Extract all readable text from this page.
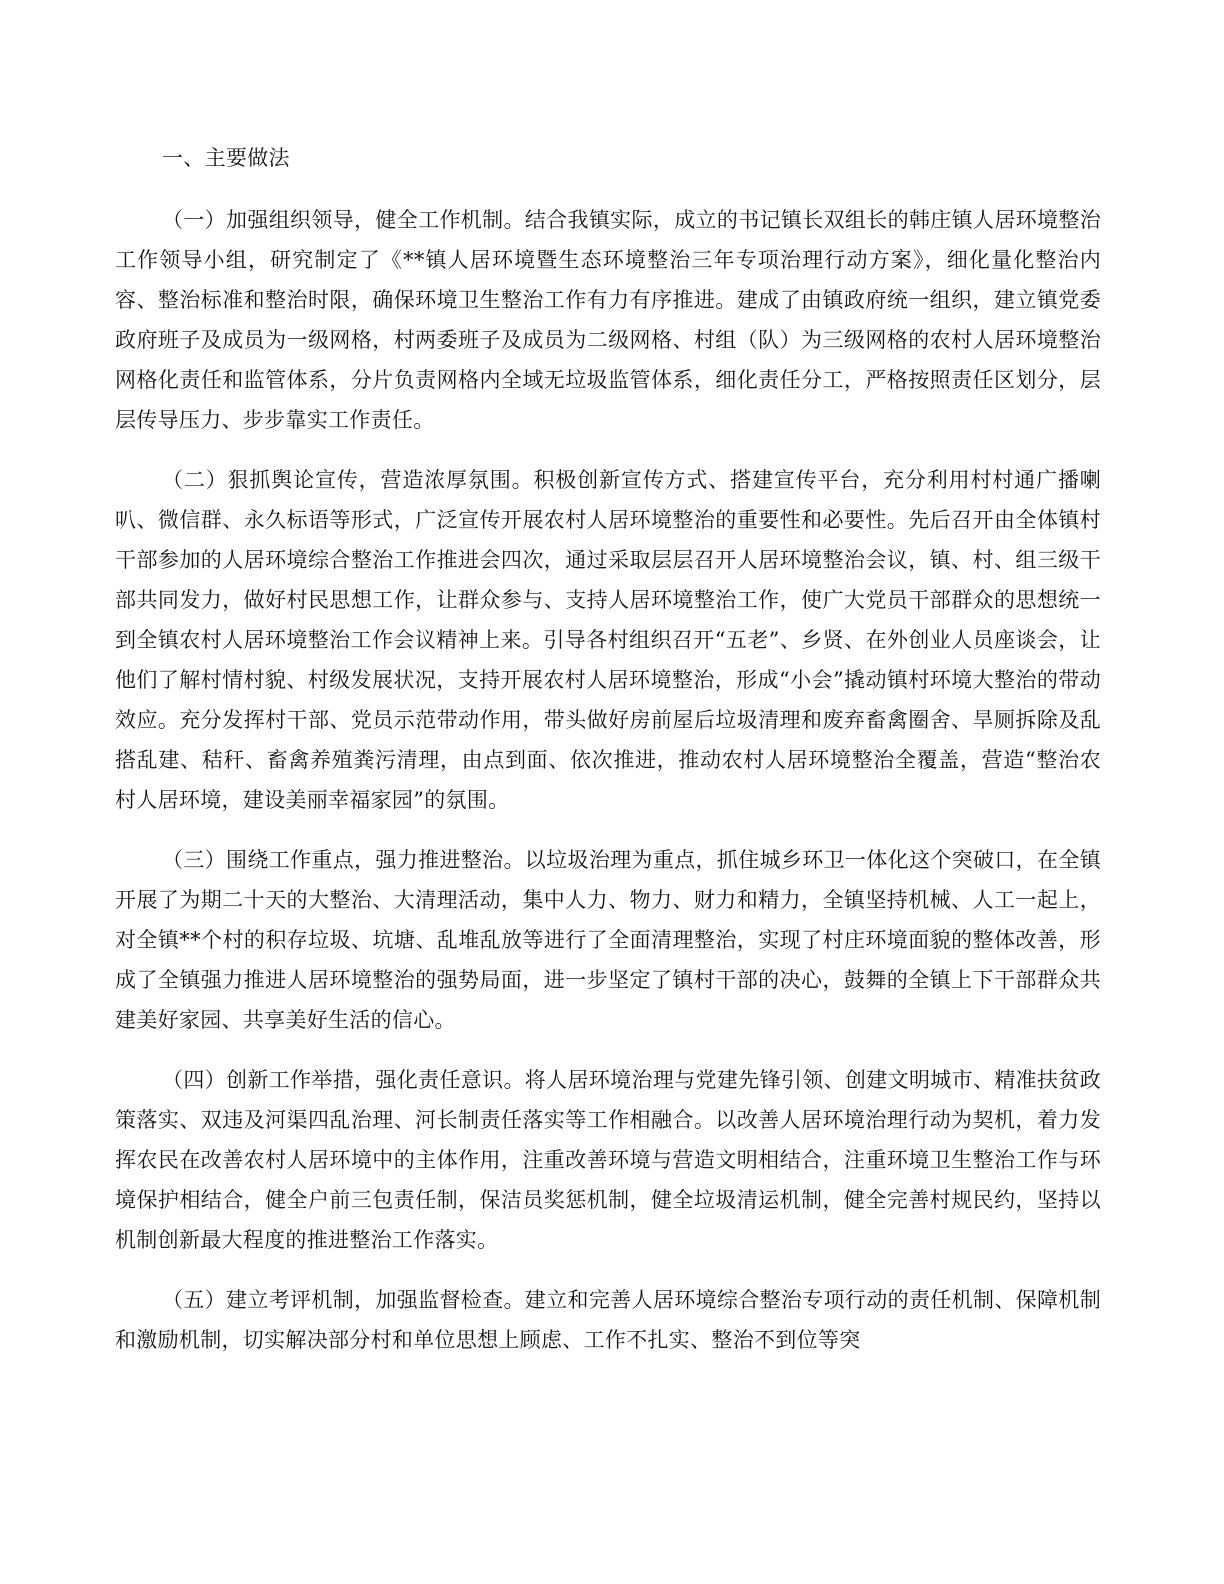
一、主要做法

（一）加强组织领导，健全工作机制。结合我镇实际，成立的书记镇长双组长的韩庄镇人居环境整治工作领导小组，研究制定了《**镇人居环境暨生态环境整治三年专项治理行动方案》，细化量化整治内容、整治标准和整治时限，确保环境卫生整治工作有力有序推进。建成了由镇政府统一组织，建立镇党委政府班子及成员为一级网格，村两委班子及成员为二级网格、村组（队）为三级网格的农村人居环境整治网格化责任和监管体系，分片负责网格内全域无垃圾监管体系，细化责任分工，严格按照责任区划分，层层传导压力、步步靠实工作责任。

（二）狠抓舆论宣传，营造浓厚氛围。积极创新宣传方式、搭建宣传平台，充分利用村村通广播喇叭、微信群、永久标语等形式，广泛宣传开展农村人居环境整治的重要性和必要性。先后召开由全体镇村干部参加的人居环境综合整治工作推进会四次，通过采取层层召开人居环境整治会议，镇、村、组三级干部共同发力，做好村民思想工作，让群众参与、支持人居环境整治工作，使广大党员干部群众的思想统一到全镇农村人居环境整治工作会议精神上来。引导各村组织召开“五老”、乡贤、在外创业人员座谈会，让他们了解村情村貌、村级发展状况，支持开展农村人居环境整治，形成“小会”撬动镇村环境大整治的带动效应。充分发挥村干部、党员示范带动作用，带头做好房前屋后垃圾清理和废弃畜禽圈舍、旱厕拆除及乱搭乱建、秸秆、畜禽养殖粪污清理，由点到面、依次推进，推动农村人居环境整治全覆盖，营造“整治农村人居环境，建设美丽幸福家园”的氛围。

（三）围绕工作重点，强力推进整治。以垃圾治理为重点，抓住城乡环卫一体化这个突破口，在全镇开展了为期二十天的大整治、大清理活动，集中人力、物力、财力和精力，全镇坚持机械、人工一起上，对全镇**个村的积存垃圾、坑塘、乱堆乱放等进行了全面清理整治，实现了村庄环境面貌的整体改善，形成了全镇强力推进人居环境整治的强势局面，进一步坚定了镇村干部的决心，鼓舞的全镇上下干部群众共建美好家园、共享美好生活的信心。

（四）创新工作举措，强化责任意识。将人居环境治理与党建先锋引领、创建文明城市、精准扶贫政策落实、双违及河渠四乱治理、河长制责任落实等工作相融合。以改善人居环境治理行动为契机，着力发挥农民在改善农村人居环境中的主体作用，注重改善环境与营造文明相结合，注重环境卫生整治工作与环境保护相结合，健全户前三包责任制，保洁员奖惩机制，健全垃圾清运机制，健全完善村规民约，坚持以机制创新最大程度的推进整治工作落实。

（五）建立考评机制，加强监督检查。建立和完善人居环境综合整治专项行动的责任机制、保障机制和激励机制，切实解决部分村和单位思想上顾虑、工作不扎实、整治不到位等突
